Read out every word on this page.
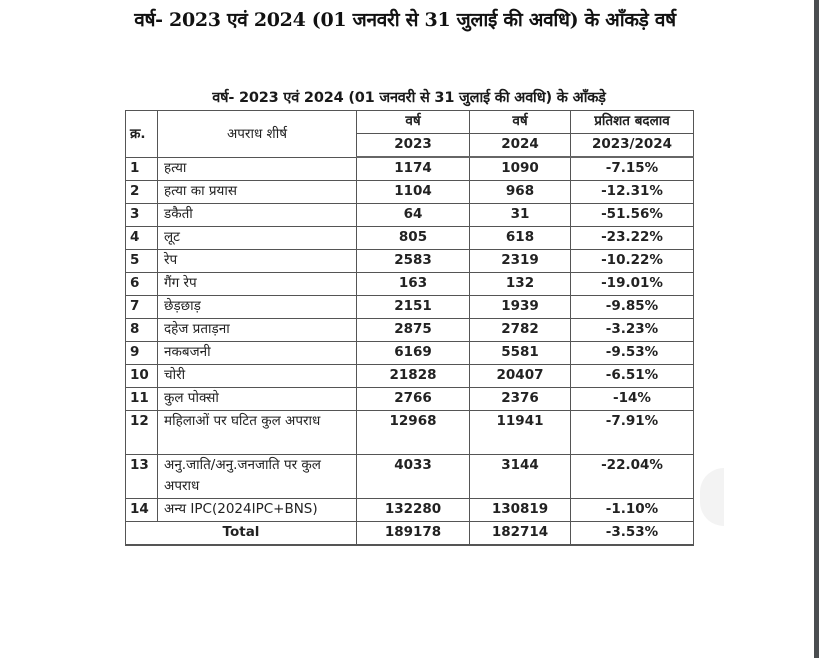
वर्ष- 2023 एवं 2024 (01 जनवरी से 31 जुलाई की अवधि) के आँकड़े वर्ष
वर्ष- 2023 एवं 2024 (01 जनवरी से 31 जुलाई की अवधि) के आँकड़े
क्र.	अपराध शीर्ष	वर्ष	वर्ष	प्रतिशत बदलाव
		2023	2024	2023/2024
1	हत्या	1174	1090	-7.15%
2	हत्या का प्रयास	1104	968	-12.31%
3	डकैती	64	31	-51.56%
4	लूट	805	618	-23.22%
5	रेप	2583	2319	-10.22%
6	गैंग रेप	163	132	-19.01%
7	छेड़छाड़	2151	1939	-9.85%
8	दहेज प्रताड़ना	2875	2782	-3.23%
9	नकबजनी	6169	5581	-9.53%
10	चोरी	21828	20407	-6.51%
11	कुल पोक्सो	2766	2376	-14%
12	महिलाओं पर घटित कुल अपराध	12968	11941	-7.91%
13	अनु.जाति/अनु.जनजाति पर कुल अपराध	4033	3144	-22.04%
14	अन्य IPC(2024IPC+BNS)	132280	130819	-1.10%
Total		189178	182714	-3.53%
